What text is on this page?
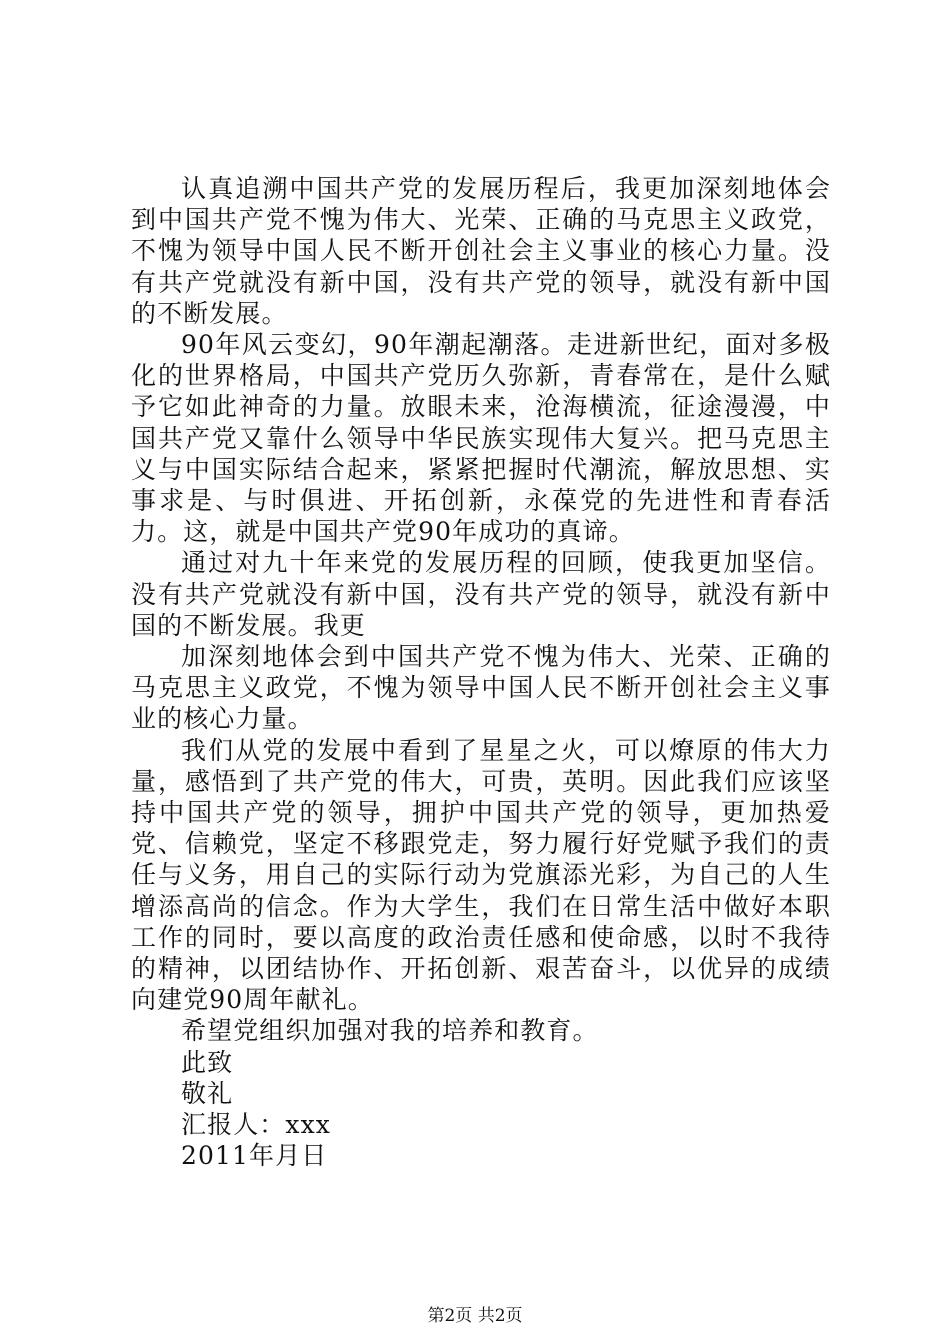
认真追溯中国共产党的发展历程后，我更加深刻地体会到中国共产党不愧为伟大、光荣、正确的马克思主义政党，不愧为领导中国人民不断开创社会主义事业的核心力量。没有共产党就没有新中国，没有共产党的领导，就没有新中国的不断发展。

90年风云变幻，90年潮起潮落。走进新世纪，面对多极化的世界格局，中国共产党历久弥新，青春常在，是什么赋予它如此神奇的力量。放眼未来，沧海横流，征途漫漫，中国共产党又靠什么领导中华民族实现伟大复兴。把马克思主义与中国实际结合起来，紧紧把握时代潮流，解放思想、实事求是、与时俱进、开拓创新，永葆党的先进性和青春活力。这，就是中国共产党90年成功的真谛。

通过对九十年来党的发展历程的回顾，使我更加坚信。没有共产党就没有新中国，没有共产党的领导，就没有新中国的不断发展。我更

加深刻地体会到中国共产党不愧为伟大、光荣、正确的马克思主义政党，不愧为领导中国人民不断开创社会主义事业的核心力量。

我们从党的发展中看到了星星之火，可以燎原的伟大力量，感悟到了共产党的伟大，可贵，英明。因此我们应该坚持中国共产党的领导，拥护中国共产党的领导，更加热爱党、信赖党，坚定不移跟党走，努力履行好党赋予我们的责任与义务，用自己的实际行动为党旗添光彩，为自己的人生增添高尚的信念。作为大学生，我们在日常生活中做好本职工作的同时，要以高度的政治责任感和使命感，以时不我待的精神，以团结协作、开拓创新、艰苦奋斗，以优异的成绩向建党90周年献礼。

希望党组织加强对我的培养和教育。

此致

敬礼

汇报人：xxx

2011年月日

第2页 共2页
